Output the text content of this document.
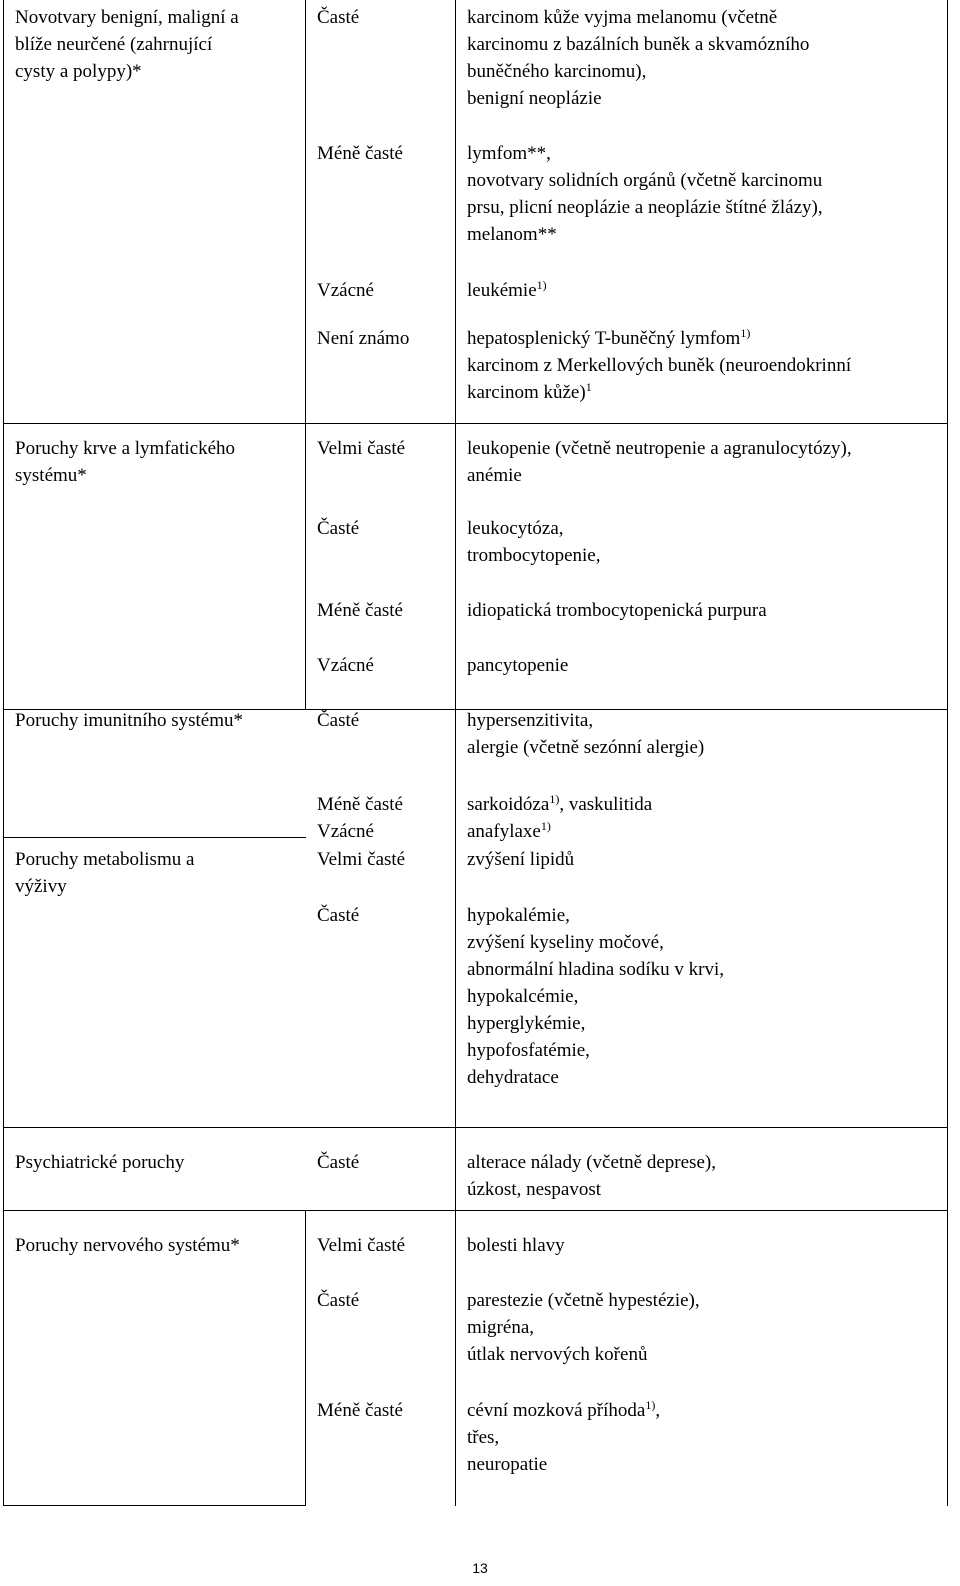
Novotvary benigní, maligní a
blíže neurčené (zahrnující
cysty a polypy)*
Časté	karcinom kůže vyjma melanomu (včetně
karcinomu z bazálních buněk a skvamózního
buněčného karcinomu),
benigní neoplázie
Méně časté	lymfom**,
novotvary solidních orgánů (včetně karcinomu
prsu, plicní neoplázie a neoplázie štítné žlázy),
melanom**
Vzácné	leukémie$^{1)}$
Není známo	hepatosplenický T-buněčný lymfom$^{1)}$
karcinom z Merkellových buněk (neuroendokrinní
karcinom kůže)$^1$
Poruchy krve a lymfatického
systému*
Velmi časté	leukopenie (včetně neutropenie a agranulocytózy),
anémie
Časté	leukocytóza,
trombocytopenie,
Méně časté	idiopatická trombocytopenická purpura
Vzácné	pancytopenie
Poruchy imunitního systému*	Časté	hypersenzitivita,
alergie (včetně sezónní alergie)
Méně časté	sarkoidóza$^{1)}$, vaskulitida
Vzácné	anafylaxe$^{1)}$
Poruchy metabolismu a
výživy
Velmi časté	zvýšení lipidů
Časté	hypokalémie,
zvýšení kyseliny močové,
abnormální hladina sodíku v krvi,
hypokalcémie,
hyperglykémie,
hypofosfatémie,
dehydratace
Psychiatrické poruchy	Časté	alterace nálady (včetně deprese),
úzkost, nespavost
Poruchy nervového systému*	Velmi časté	bolesti hlavy
Časté	parestezie (včetně hypestézie),
migréna,
útlak nervových kořenů
Méně časté	cévní mozková příhoda$^{1)}$,
třes,
neuropatie
13
